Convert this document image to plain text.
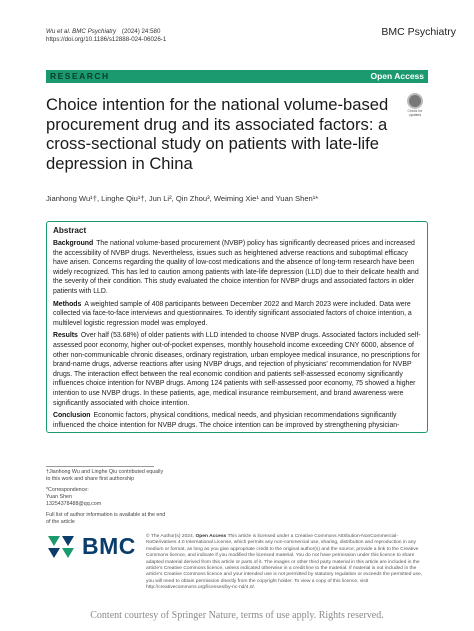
Wu et al. BMC Psychiatry (2024) 24:580
https://doi.org/10.1186/s12888-024-06026-1
BMC Psychiatry
RESEARCH	Open Access
Check for updates
Choice intention for the national volume-based procurement drug and its associated factors: a cross-sectional study on patients with late-life depression in China
Jianhong Wu¹†, Linghe Qiu¹†, Jun Li², Qin Zhou³, Weiming Xie¹ and Yuan Shen¹*
Abstract

Background The national volume-based procurement (NVBP) policy has significantly decreased prices and increased the accessibility of NVBP drugs. Nevertheless, issues such as heightened adverse reactions and suboptimal efficacy have arisen. Concerns regarding the quality of low-cost medications and the absence of long-term research have been widely recognized. This has led to caution among patients with late-life depression (LLD) due to their delicate health and the severity of their condition. This study evaluated the choice intention for NVBP drugs and associated factors in older patients with LLD.

Methods A weighted sample of 408 participants between December 2022 and March 2023 were included. Data were collected via face-to-face interviews and questionnaires. To identify significant associated factors of choice intention, a multilevel logistic regression model was employed.

Results Over half (53.68%) of older patients with LLD intended to choose NVBP drugs. Associated factors included self-assessed poor economy, higher out-of-pocket expenses, monthly household income exceeding CNY 6000, absence of other non-communicable chronic diseases, ordinary registration, urban employee medical insurance, no prescriptions for brand-name drugs, adverse reactions after using NVBP drugs, and rejection of physicians' recommendation for NVBP drugs. The interaction effect between the real economic condition and patients self-assessed economy significantly influences choice intention for NVBP drugs. Among 124 patients with self-assessed poor economy, 75 showed a higher intention to use NVBP drugs. In these patients, age, medical insurance reimbursement, and brand awareness were significantly associated with choice intention.

Conclusion Economic factors, physical conditions, medical needs, and physician recommendations significantly influenced the choice intention for NVBP drugs. The choice intention can be improved by strengthening physician-

†Jianhong Wu and Linghe Qiu contributed equally to this work and share first authorship

*Correspondence:
Yuan Shen
13254378488@qq.com

Full list of author information is available at the end of the article

BMC © The Author(s) 2024. Open Access This article is licensed under a Creative Commons Attribution-NonCommercial-NoDerivatives 4.0 International License, which permits any non-commercial use, sharing, distribution and reproduction in any medium or format, as long as you give appropriate credit to the original author(s) and the source, provide a link to the Creative Commons licence, and indicate if you modified the licensed material. You do not have permission under this licence to share adapted material derived from this article or parts of it. The images or other third party material in this article are included in the article's Creative Commons licence, unless indicated otherwise in a credit line to the material. If material is not included in the article's Creative Commons licence and your intended use is not permitted by statutory regulation or exceeds the permitted use, you will need to obtain permission directly from the copyright holder. To view a copy of this licence, visit http://creativecommons.org/licenses/by-nc-nd/4.0/.
Content courtesy of Springer Nature, terms of use apply. Rights reserved.
